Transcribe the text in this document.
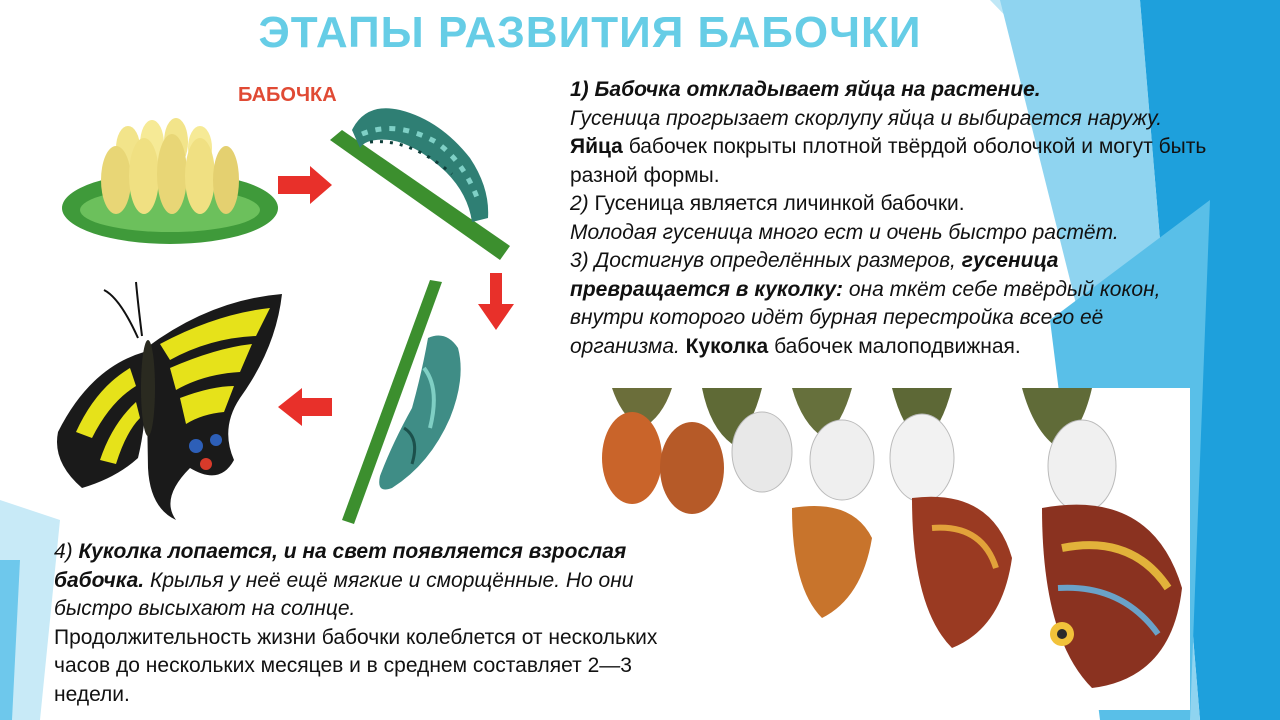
ЭТАПЫ РАЗВИТИЯ БАБОЧКИ
БАБОЧКА	1) Бабочка откладывает яйца на растение.
Гусеница прогрызает скорлупу яйца и выбирается наружу. Яйца бабочек покрыты плотной твёрдой оболочкой и могут быть разной формы.

2) Гусеница является личинкой бабочки.
Молодая гусеница много ест и очень быстро растёт.

3) Достигнув определённых размеров, гусеница превращается в куколку: она ткёт себе твёрдый кокон, внутри которого идёт бурная перестройка всего её организма. Куколка бабочек малоподвижная.

4) Куколка лопается, и на свет появляется взрослая бабочка. Крылья у неё ещё мягкие и сморщённые. Но они быстро высыхают на солнце.
Продолжительность жизни бабочки колеблется от нескольких часов до нескольких месяцев и в среднем составляет 2—3 недели.
